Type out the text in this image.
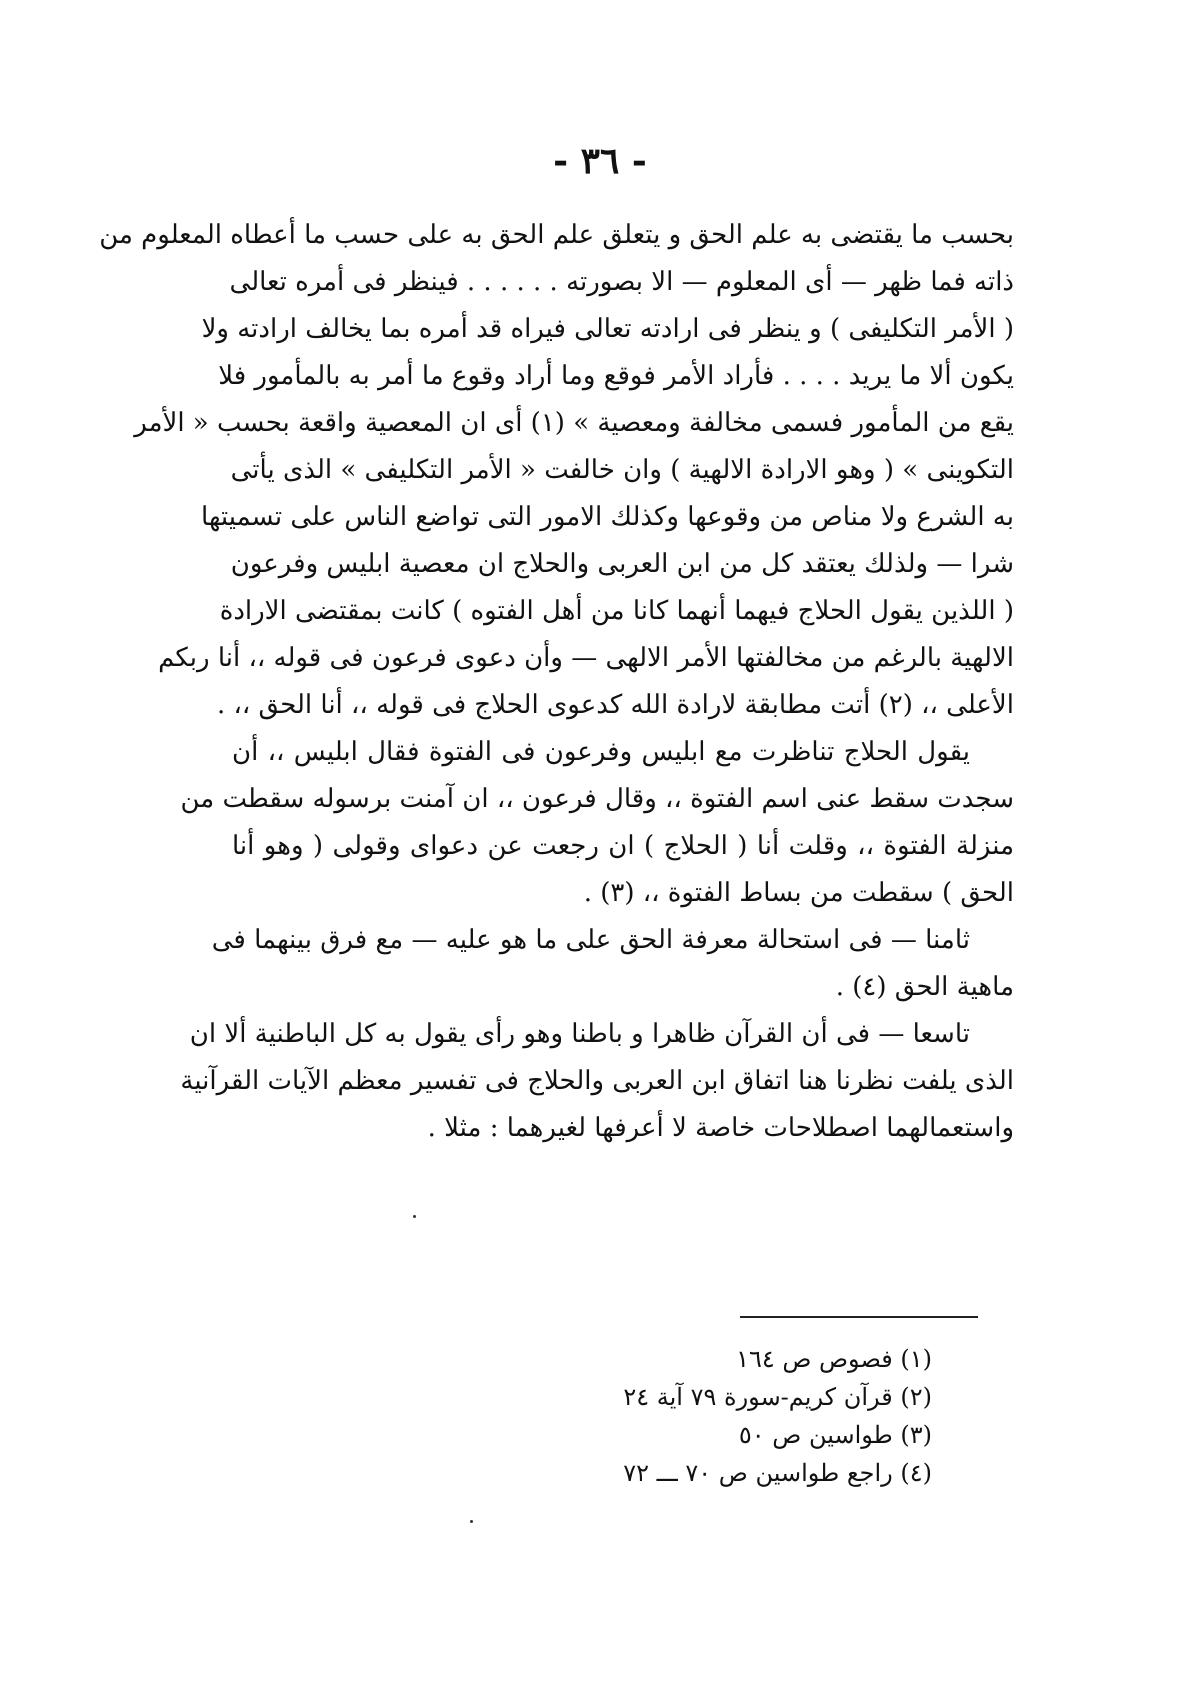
- ٣٦ -
بحسب ما يقتضى به علم الحق و يتعلق علم الحق به على حسب ما أعطاه المعلوم من
ذاته فما ظهر — أى المعلوم — الا بصورته . . . . . . فينظر فى أمره تعالى
( الأمر التكليفى ) و ينظر فى ارادته تعالى فيراه قد أمره بما يخالف ارادته ولا
يكون ألا ما يريد . . . . فأراد الأمر فوقع وما أراد وقوع ما أمر به بالمأمور فلا
يقع من المأمور فسمى مخالفة ومعصية » (١) أى ان المعصية واقعة بحسب « الأمر
التكوينى » ( وهو الارادة الالهية ) وان خالفت « الأمر التكليفى » الذى يأتى
به الشرع ولا مناص من وقوعها وكذلك الامور التى تواضع الناس على تسميتها
شرا — ولذلك يعتقد كل من ابن العربى والحلاج ان معصية ابليس وفرعون
( اللذين يقول الحلاج فيهما أنهما كانا من أهل الفتوه ) كانت بمقتضى الارادة
الالهية بالرغم من مخالفتها الأمر الالهى — وأن دعوى فرعون فى قوله ،، أنا ربكم
الأعلى ،، (٢) أتت مطابقة لارادة الله كدعوى الحلاج فى قوله ،، أنا الحق ،، .
يقول الحلاج تناظرت مع ابليس وفرعون فى الفتوة فقال ابليس ،، أن
سجدت سقط عنى اسم الفتوة ،، وقال فرعون ،، ان آمنت برسوله سقطت من
منزلة الفتوة ،، وقلت أنا ( الحلاج ) ان رجعت عن دعواى وقولى ( وهو أنا
الحق ) سقطت من بساط الفتوة ،، (٣) .
ثامنا — فى استحالة معرفة الحق على ما هو عليه — مع فرق بينهما فى
ماهية الحق (٤) .
تاسعا — فى أن القرآن ظاهرا و باطنا وهو رأى يقول به كل الباطنية ألا ان
الذى يلفت نظرنا هنا اتفاق ابن العربى والحلاج فى تفسير معظم الآيات القرآنية
واستعمالهما اصطلاحات خاصة لا أعرفها لغيرهما : مثلا .
(١) فصوص ص ١٦٤
(٢) قرآن كريم-سورة ٧٩ آية ٢٤
(٣) طواسين ص ٥٠
(٤) راجع طواسين ص ٧٠ ـــ ٧٢
